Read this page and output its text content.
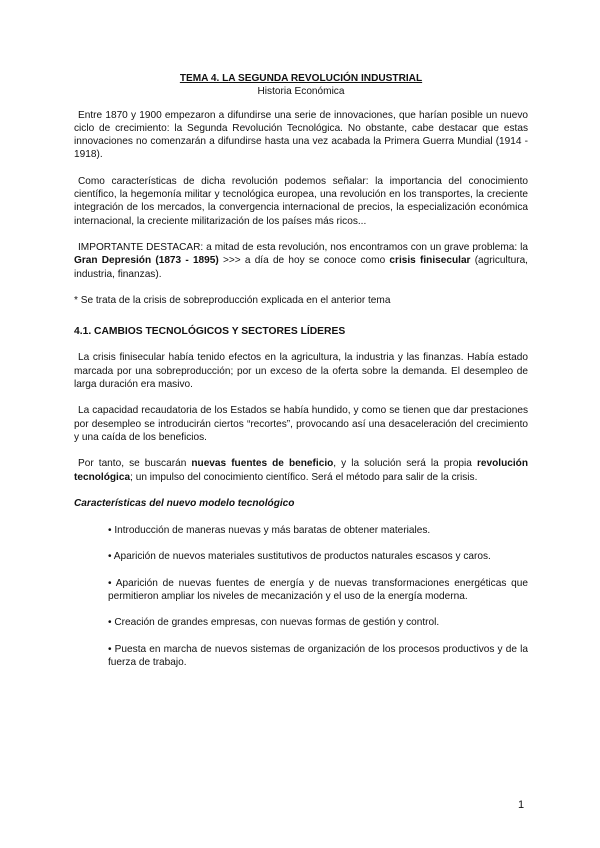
TEMA 4. LA SEGUNDA REVOLUCIÓN INDUSTRIAL
Historia Económica

Entre 1870 y 1900 empezaron a difundirse una serie de innovaciones, que harían posible un nuevo ciclo de crecimiento: la Segunda Revolución Tecnológica. No obstante, cabe destacar que estas innovaciones no comenzarán a difundirse hasta una vez acabada la Primera Guerra Mundial (1914 - 1918).

Como características de dicha revolución podemos señalar: la importancia del conocimiento científico, la hegemonía militar y tecnológica europea, una revolución en los transportes, la creciente integración de los mercados, la convergencia internacional de precios, la especialización económica internacional, la creciente militarización de los países más ricos...

IMPORTANTE DESTACAR: a mitad de esta revolución, nos encontramos con un grave problema: la Gran Depresión (1873 - 1895) >>> a día de hoy se conoce como crisis finisecular (agricultura, industria, finanzas).

* Se trata de la crisis de sobreproducción explicada en el anterior tema

4.1. CAMBIOS TECNOLÓGICOS Y SECTORES LÍDERES

La crisis finisecular había tenido efectos en la agricultura, la industria y las finanzas. Había estado marcada por una sobreproducción; por un exceso de la oferta sobre la demanda. El desempleo de larga duración era masivo.

La capacidad recaudatoria de los Estados se había hundido, y como se tienen que dar prestaciones por desempleo se introducirán ciertos “recortes”, provocando así una desaceleración del crecimiento y una caída de los beneficios.

Por tanto, se buscarán nuevas fuentes de beneficio, y la solución será la propia revolución tecnológica; un impulso del conocimiento científico. Será el método para salir de la crisis.

Características del nuevo modelo tecnológico
• Introducción de maneras nuevas y más baratas de obtener materiales.
• Aparición de nuevos materiales sustitutivos de productos naturales escasos y caros.
• Aparición de nuevas fuentes de energía y de nuevas transformaciones energéticas que permitieron ampliar los niveles de mecanización y el uso de la energía moderna.
• Creación de grandes empresas, con nuevas formas de gestión y control.
• Puesta en marcha de nuevos sistemas de organización de los procesos productivos y de la fuerza de trabajo.
1
